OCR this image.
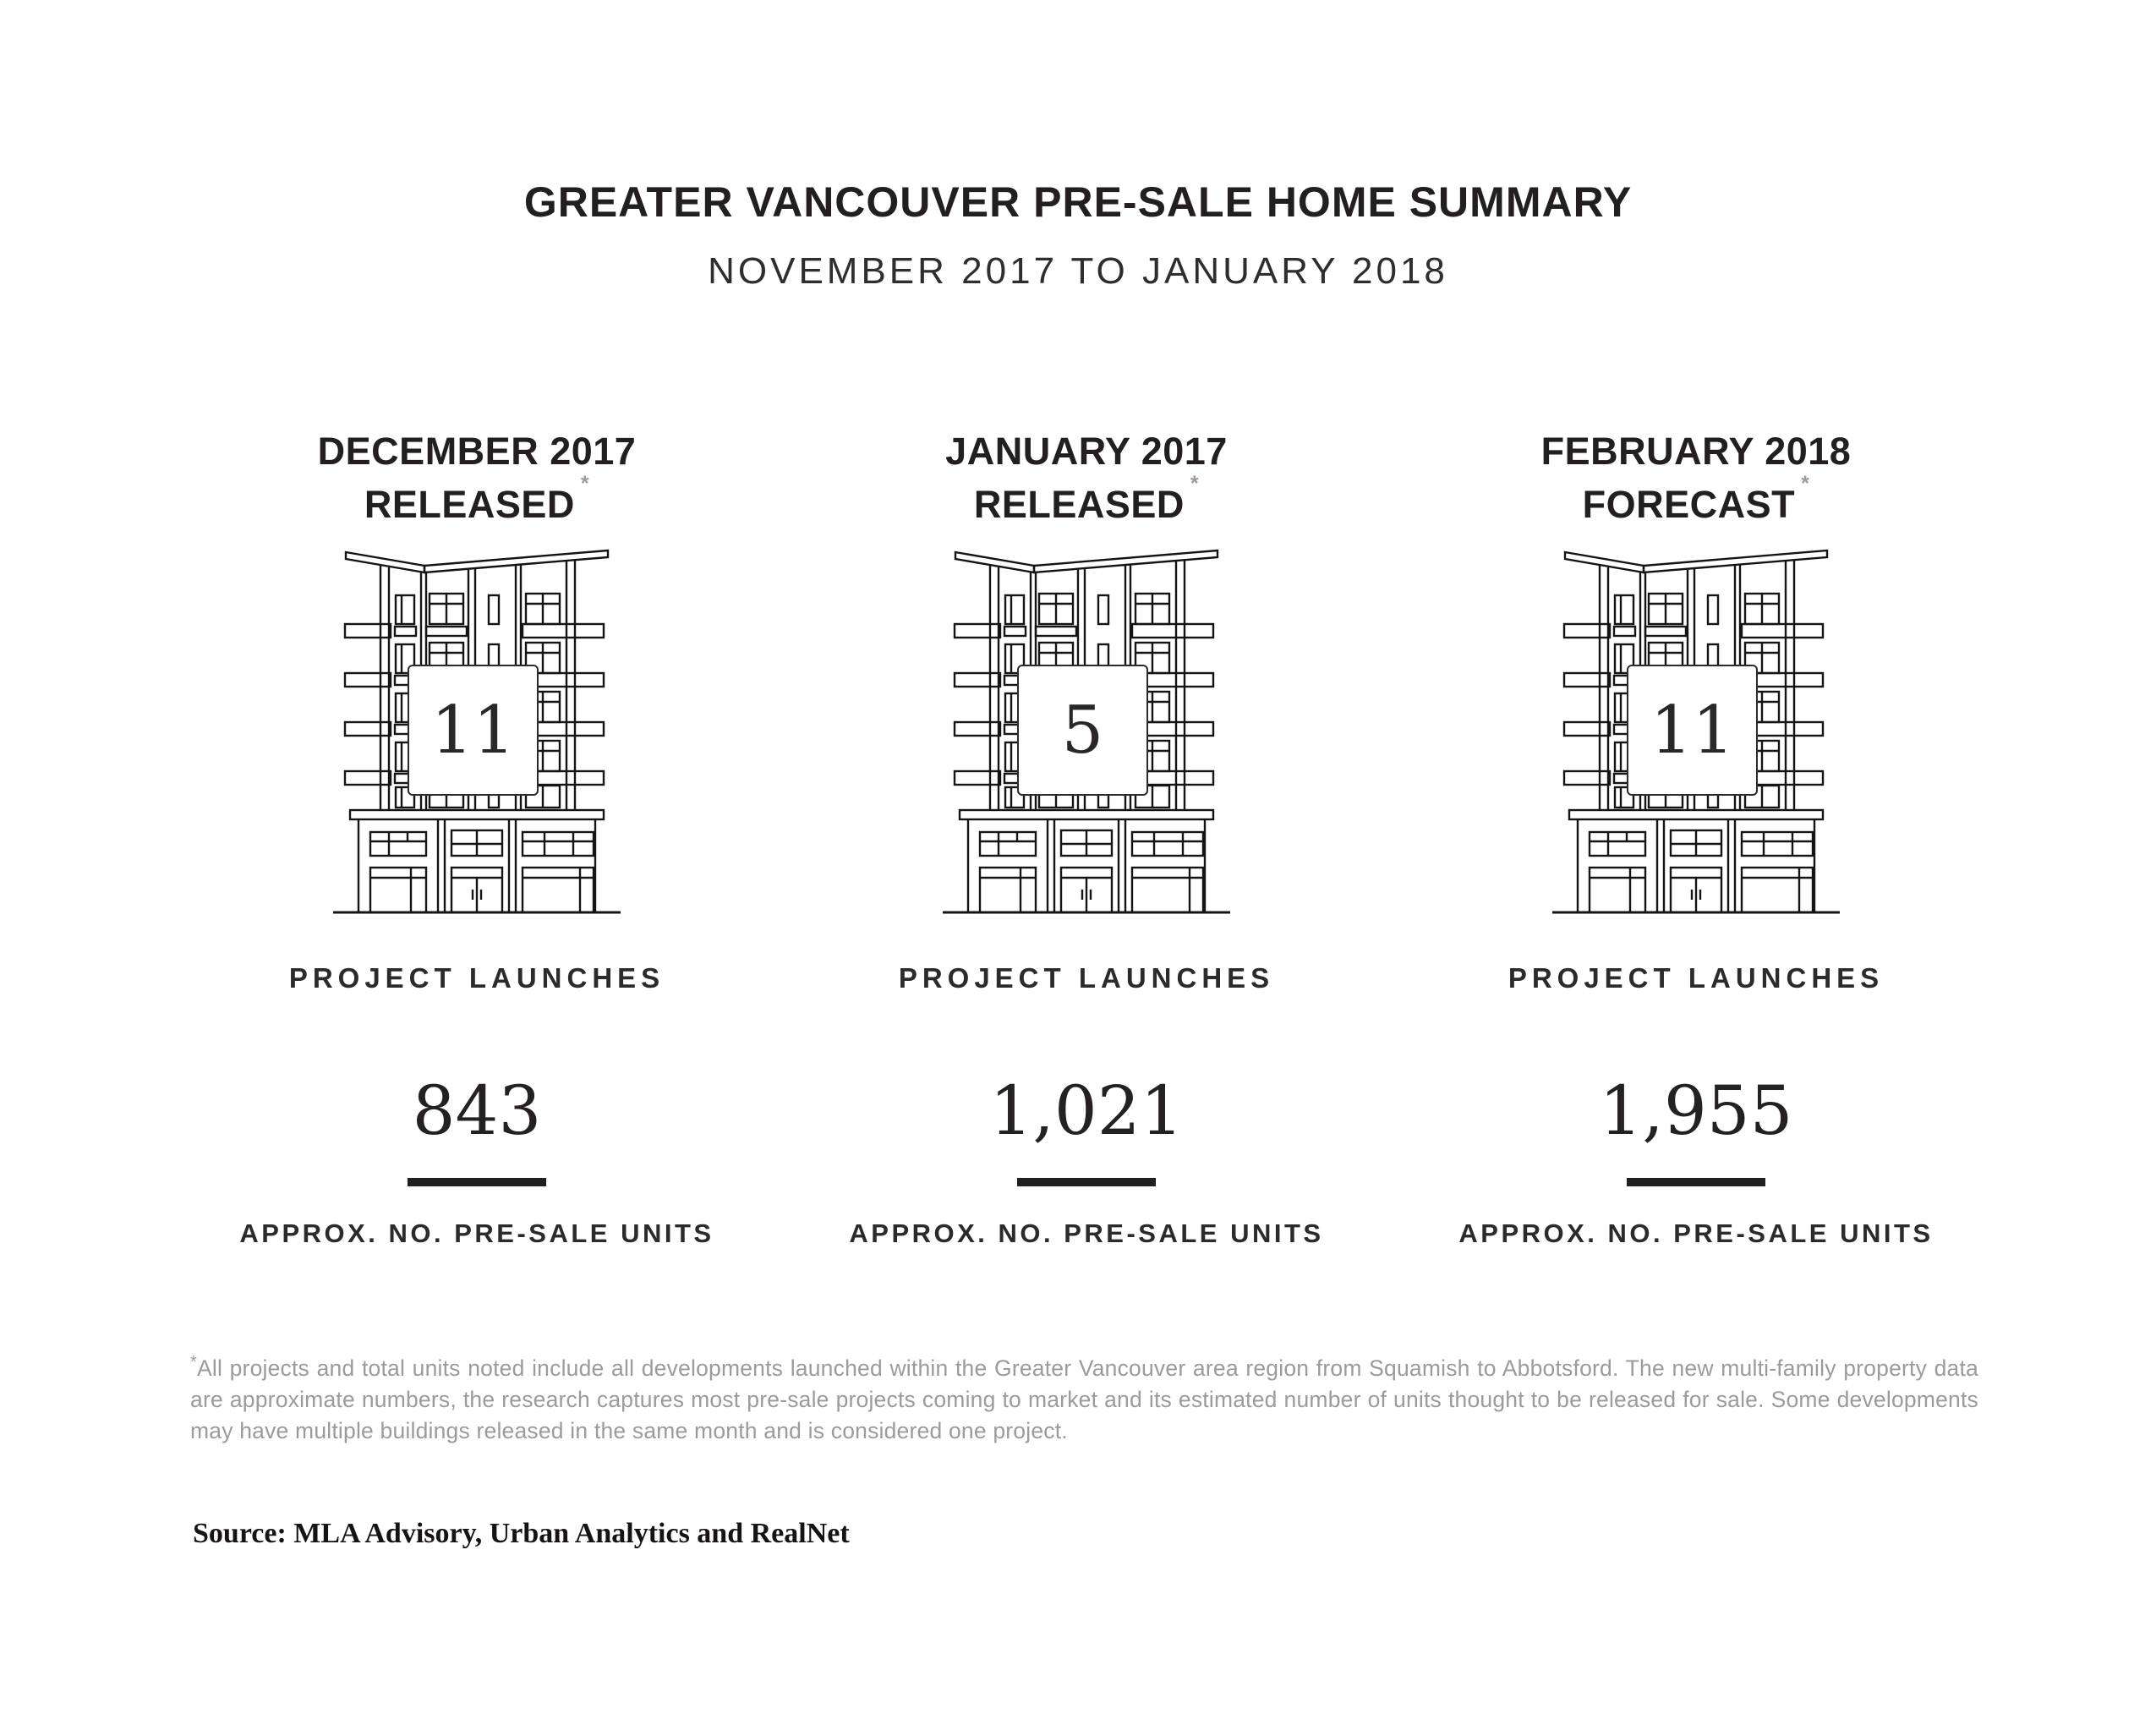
GREATER VANCOUVER PRE-SALE HOME SUMMARY
NOVEMBER 2017 TO JANUARY 2018
DECEMBER 2017
RELEASED *
11
PROJECT LAUNCHES
843
APPROX. NO. PRE-SALE UNITS
JANUARY 2017
RELEASED *
5
PROJECT LAUNCHES
1,021
APPROX. NO. PRE-SALE UNITS
FEBRUARY 2018
FORECAST *
11
PROJECT LAUNCHES
1,955
APPROX. NO. PRE-SALE UNITS
*All projects and total units noted include all developments launched within the Greater Vancouver area region from Squamish to Abbotsford. The new multi-family property data are approximate numbers, the research captures most pre-sale projects coming to market and its estimated number of units thought to be released for sale. Some developments may have multiple buildings released in the same month and is considered one project.
Source: MLA Advisory, Urban Analytics and RealNet
